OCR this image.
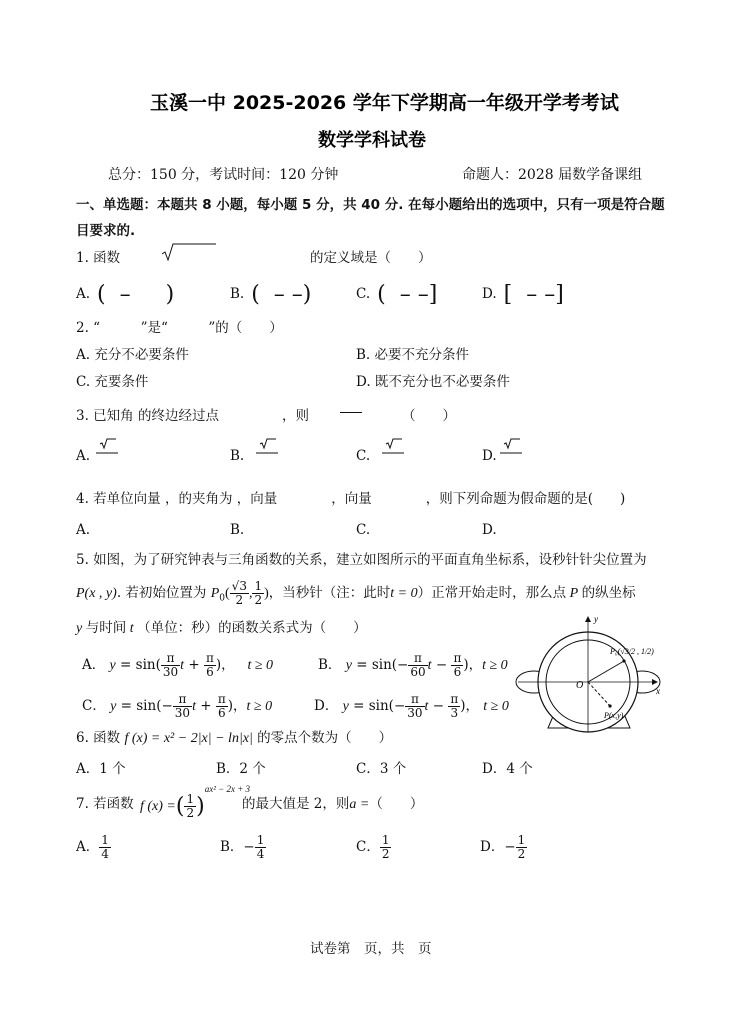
玉溪一中 2025-2026 学年下学期高一年级开学考考试
数学学科试卷
总分：150 分，考试时间：120 分钟	命题人：2028 届数学备课组
一、单选题：本题共 8 小题，每小题 5 分，共 40 分. 在每小题给出的选项中，只有一项是符合题
目要求的.
1. 函数	的定义域是（　　）
A. (  –     )	B. (  – –)	C. (  – –]	D. [  – –]
2. “　　　”是“　　　”的（　　）
A. 充分不必要条件	B. 必要不充分条件
C. 充要条件	D. 既不充分也不必要条件
3. 已知角 的终边经过点	，则	（　　）
A.	B.	C.	D.
4. 若单位向量 ，的夹角为 ，向量　　　　，向量　　　　，则下列命题为假命题的是(　　)
A.	B.	C.	D.
5. 如图，为了研究钟表与三角函数的关系，建立如图所示的平面直角坐标系，设秒针针尖位置为
P(x , y). 若初始位置为 $P_0( \frac{√3}{2}$ , $\frac{1}{2}$ )，当秒针（注：此时t = 0）正常开始走时，那么点 P 的纵坐标
y 与时间 t （单位：秒）的函数关系式为（　　）
A． $y = \sin( \frac{\pi}{30}$ $t + \frac{\pi}{6}$ )，   t ≥ 0	B． $y = \sin(- \frac{\pi}{60}$ $t - \frac{\pi}{6}$ )，t ≥ 0
C． $y = \sin(- \frac{\pi}{30}$ $t + \frac{\pi}{6}$ )，t ≥ 0	D． $y = \sin(- \frac{\pi}{30}$ $t - \frac{\pi}{3}$ )， t ≥ 0
O	x
y
P₀(√3/2 , 1/2)
P(x,y)
6. 函数 f (x) = x² − 2|x| − ln|x| 的零点个数为（　　）
A．1 个	B．2 个	C．3 个	D．4 个
7. 若函数 f (x) =( $\frac{1}{2} )^{ax^2 - 2x + 3}$
的最大值是 2，则a =（　　）
A． $\frac{1}{4}$	B．− $\frac{1}{4}$	C． $\frac{1}{2}$	D．− $\frac{1}{2}$
试卷第　页，共　页
